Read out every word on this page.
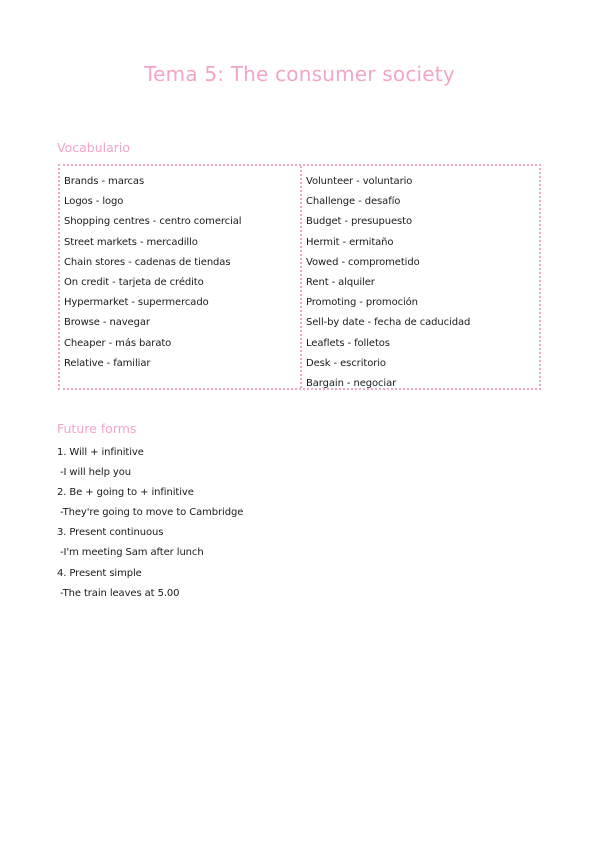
Tema 5: The consumer society
Vocabulario
Brands - marcas
Logos - logo
Shopping centres - centro comercial
Street markets - mercadillo
Chain stores - cadenas de tiendas
On credit - tarjeta de crédito
Hypermarket - supermercado
Browse - navegar
Cheaper - más barato
Relative - familiar
Volunteer - voluntario
Challenge - desafío
Budget - presupuesto
Hermit - ermitaño
Vowed - comprometido
Rent - alquiler
Promoting - promoción
Sell-by date - fecha de caducidad
Leaflets - folletos
Desk - escritorio
Bargain - negociar
Future forms
1. Will + infinitive
-I will help you
2. Be + going to + infinitive
-They're going to move to Cambridge
3. Present continuous
-I'm meeting Sam after lunch
4. Present simple
-The train leaves at 5.00
